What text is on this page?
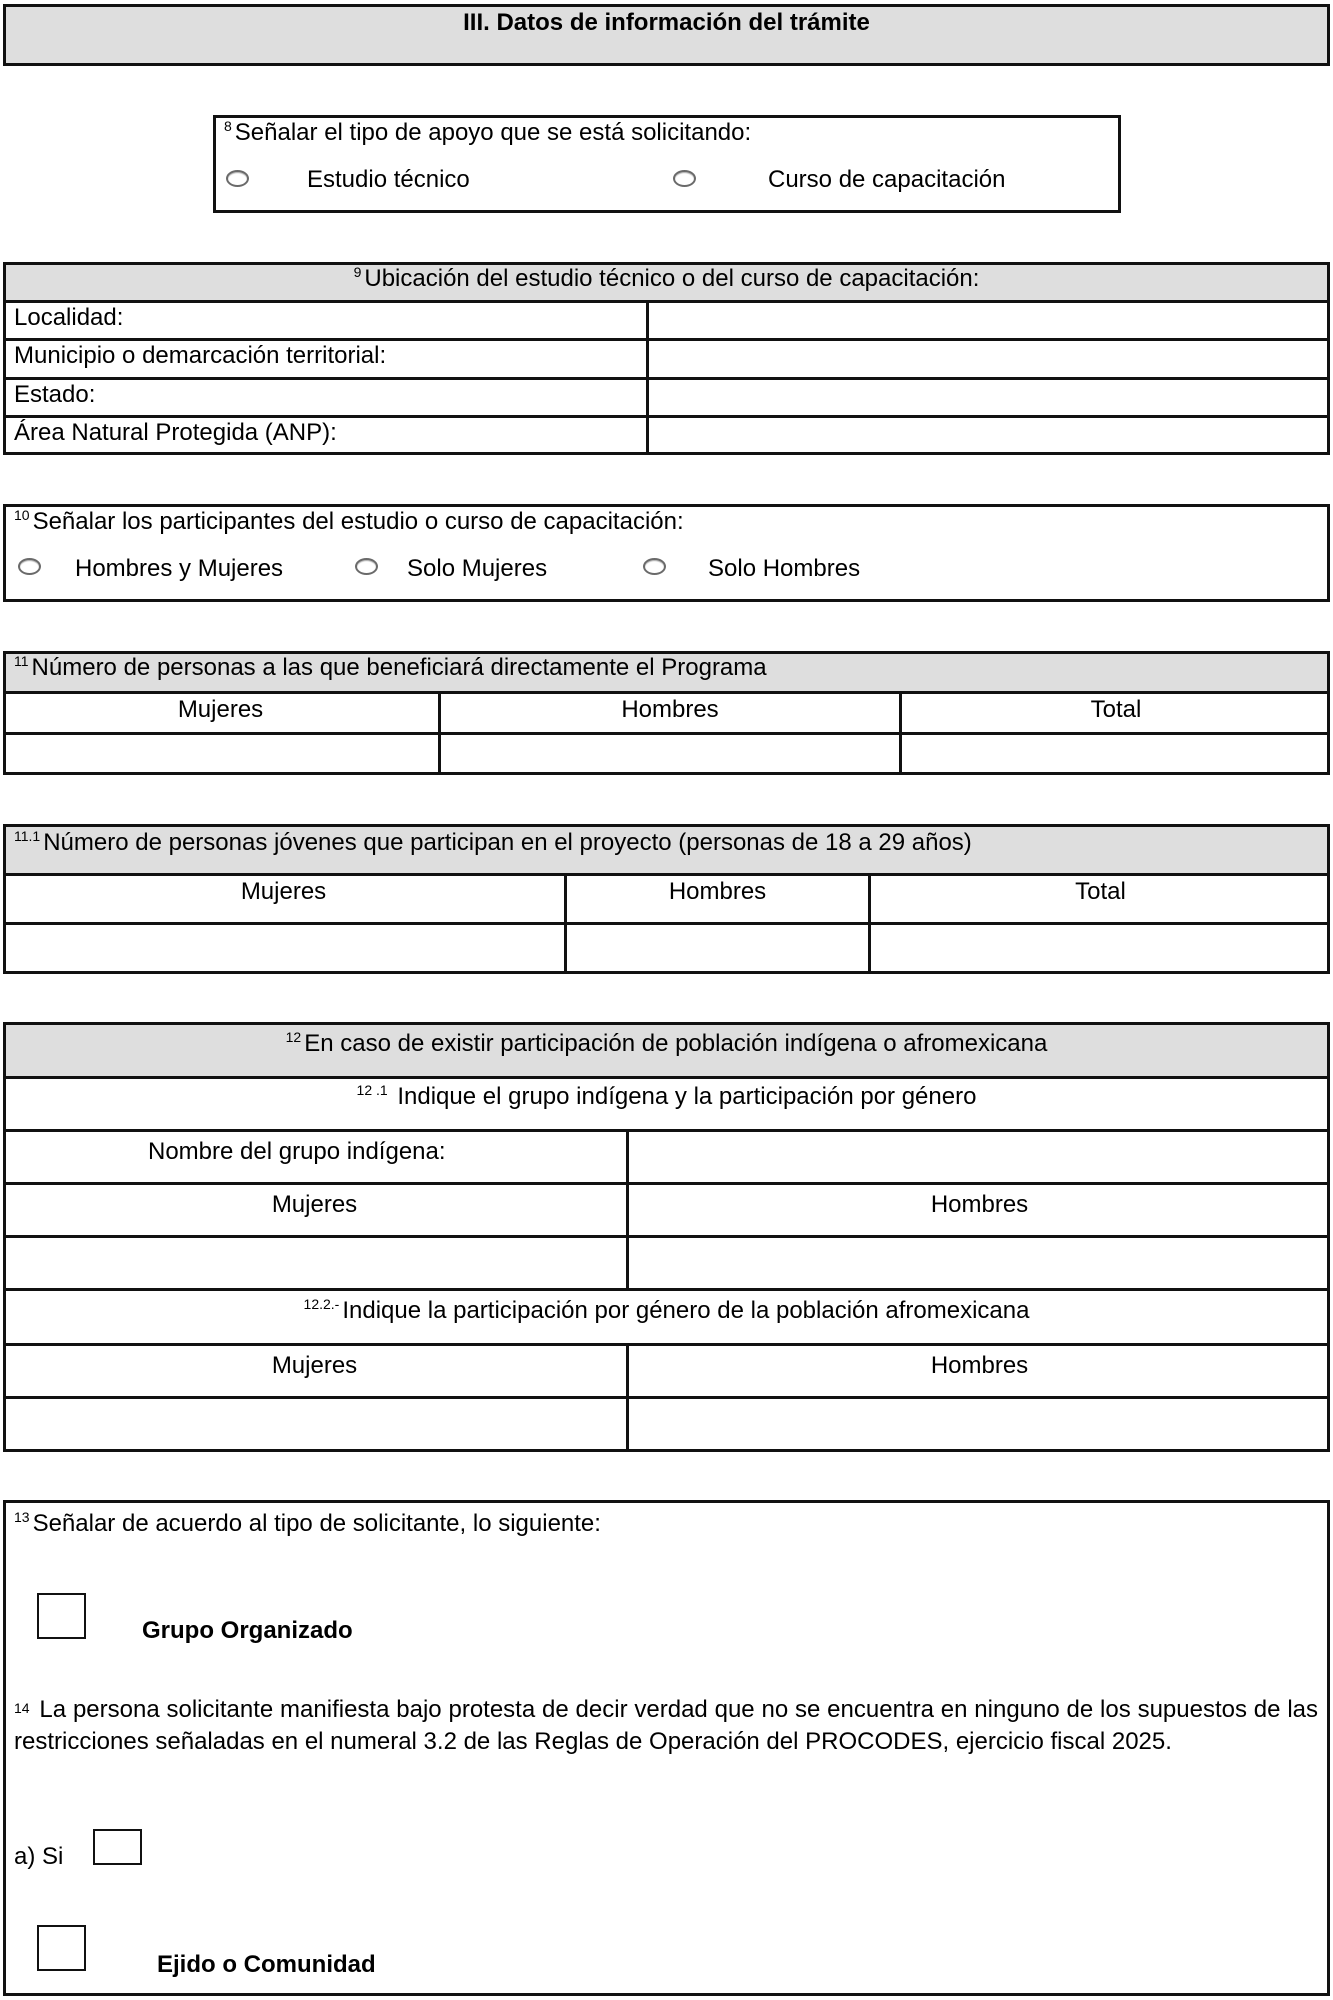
III. Datos de información del trámite
$^8$ Señalar el tipo de apoyo que se está solicitando:
Estudio técnico	Curso de capacitación
$^9$ Ubicación del estudio técnico o del curso de capacitación:
Localidad:
Municipio o demarcación territorial:
Estado:
Área Natural Protegida (ANP):
$^{10}$ Señalar los participantes del estudio o curso de capacitación:
Hombres y Mujeres	Solo Mujeres	Solo Hombres
$^{11}$ Número de personas a las que beneficiará directamente el Programa
Mujeres	Hombres	Total
$^{11.1}$ Número de personas jóvenes que participan en el proyecto (personas de 18 a 29 años)
Mujeres	Hombres	Total
$^{12}$ En caso de existir participación de población indígena o afromexicana
$^{12 .1}$ Indique el grupo indígena y la participación por género
Nombre del grupo indígena:
Mujeres	Hombres
$^{12.2.-}$ Indique la participación por género de la población afromexicana
Mujeres	Hombres
$^{13}$ Señalar de acuerdo al tipo de solicitante, lo siguiente:
Grupo Organizado
$^{14}$ La persona solicitante manifiesta bajo protesta de decir verdad que no se encuentra en ninguno de los supuestos de las restricciones señaladas en el numeral 3.2 de las Reglas de Operación del PROCODES, ejercicio fiscal 2025.
a) Si
Ejido o Comunidad
